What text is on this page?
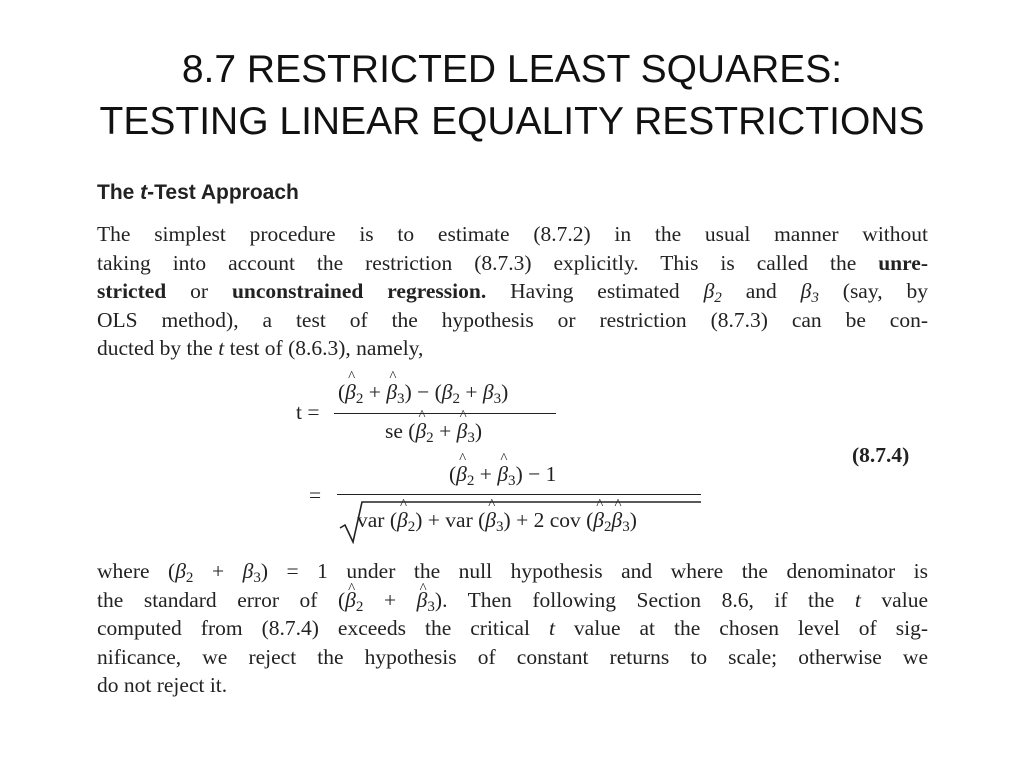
8.7 RESTRICTED LEAST SQUARES:
TESTING LINEAR EQUALITY RESTRICTIONS
The t-Test Approach
The simplest procedure is to estimate (8.7.2) in the usual manner without
taking into account the restriction (8.7.3) explicitly. This is called the unre-
stricted or unconstrained regression. Having estimated $\beta_2$ and $\beta_3$ (say, by
OLS method), a test of the hypothesis or restriction (8.7.3) can be con-
ducted by the t test of (8.6.3), namely,
t =
(^ $\beta_2$ + ^ $\beta_3) - (\beta_2 + \beta_3)$
se (^ $\beta_2$ + ^ $\beta_3$)
(8.7.4)
=
(^ $\beta_2$ + ^ $\beta_3) - 1$
var (^ $\beta_2$) + var (^ $\beta_3) + 2$ cov (^ $\beta_2\^{}$ $\beta_3$)
where $(\beta_2 + \beta_3) = 1$ under the null hypothesis and where the denominator is
the standard error of (^ $\beta_2$ + ^ $\beta_3$). Then following Section 8.6, if the t value
computed from (8.7.4) exceeds the critical t value at the chosen level of sig-
nificance, we reject the hypothesis of constant returns to scale; otherwise we
do not reject it.
